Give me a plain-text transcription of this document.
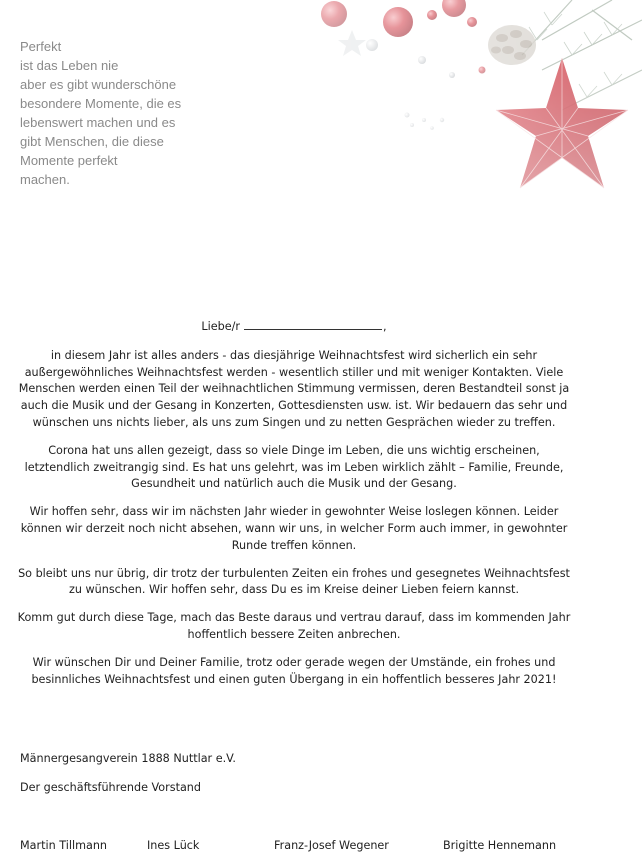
Perfekt
ist das Leben nie
aber es gibt wunderschöne
besondere Momente, die es
lebenswert machen und es
gibt Menschen, die diese
Momente perfekt
machen.
Liebe/r	,

in diesem Jahr ist alles anders - das diesjährige Weihnachtsfest wird sicherlich ein sehr außergewöhnliches Weihnachtsfest werden - wesentlich stiller und mit weniger Kontakten. Viele Menschen werden einen Teil der weihnachtlichen Stimmung vermissen, deren Bestandteil sonst ja auch die Musik und der Gesang in Konzerten, Gottesdiensten usw. ist. Wir bedauern das sehr und wünschen uns nichts lieber, als uns zum Singen und zu netten Gesprächen wieder zu treffen.

Corona hat uns allen gezeigt, dass so viele Dinge im Leben, die uns wichtig erscheinen, letztendlich zweitrangig sind. Es hat uns gelehrt, was im Leben wirklich zählt – Familie, Freunde, Gesundheit und natürlich auch die Musik und der Gesang.

Wir hoffen sehr, dass wir im nächsten Jahr wieder in gewohnter Weise loslegen können. Leider können wir derzeit noch nicht absehen, wann wir uns, in welcher Form auch immer, in gewohnter Runde treffen können.

So bleibt uns nur übrig, dir trotz der turbulenten Zeiten ein frohes und gesegnetes Weihnachtsfest zu wünschen. Wir hoffen sehr, dass Du es im Kreise deiner Lieben feiern kannst.

Komm gut durch diese Tage, mach das Beste daraus und vertrau darauf, dass im kommenden Jahr hoffentlich bessere Zeiten anbrechen.

Wir wünschen Dir und Deiner Familie, trotz oder gerade wegen der Umstände, ein frohes und besinnliches Weihnachtsfest und einen guten Übergang in ein hoffentlich besseres Jahr 2021!

Männergesangverein 1888 Nuttlar e.V.
Der geschäftsführende Vorstand
Martin Tillmann	Ines Lück	Franz-Josef Wegener	Brigitte Hennemann
